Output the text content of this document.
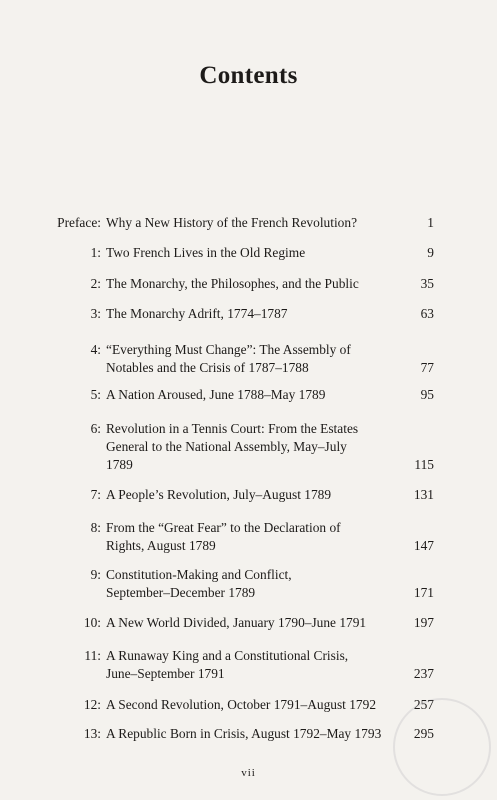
Contents
Preface: Why a New History of the French Revolution?	1
1: Two French Lives in the Old Regime	9
2: The Monarchy, the Philosophes, and the Public	35
3: The Monarchy Adrift, 1774–1787	63
4: “Everything Must Change”: The Assembly of Notables and the Crisis of 1787–1788	77
5: A Nation Aroused, June 1788–May 1789	95
6: Revolution in a Tennis Court: From the Estates General to the National Assembly, May–July 1789	115
7: A People’s Revolution, July–August 1789	131
8: From the “Great Fear” to the Declaration of Rights, August 1789	147
9: Constitution-Making and Conflict, September–December 1789	171
10: A New World Divided, January 1790–June 1791	197
11: A Runaway King and a Constitutional Crisis, June–September 1791	237
12: A Second Revolution, October 1791–August 1792	257
13: A Republic Born in Crisis, August 1792–May 1793	295
vii
